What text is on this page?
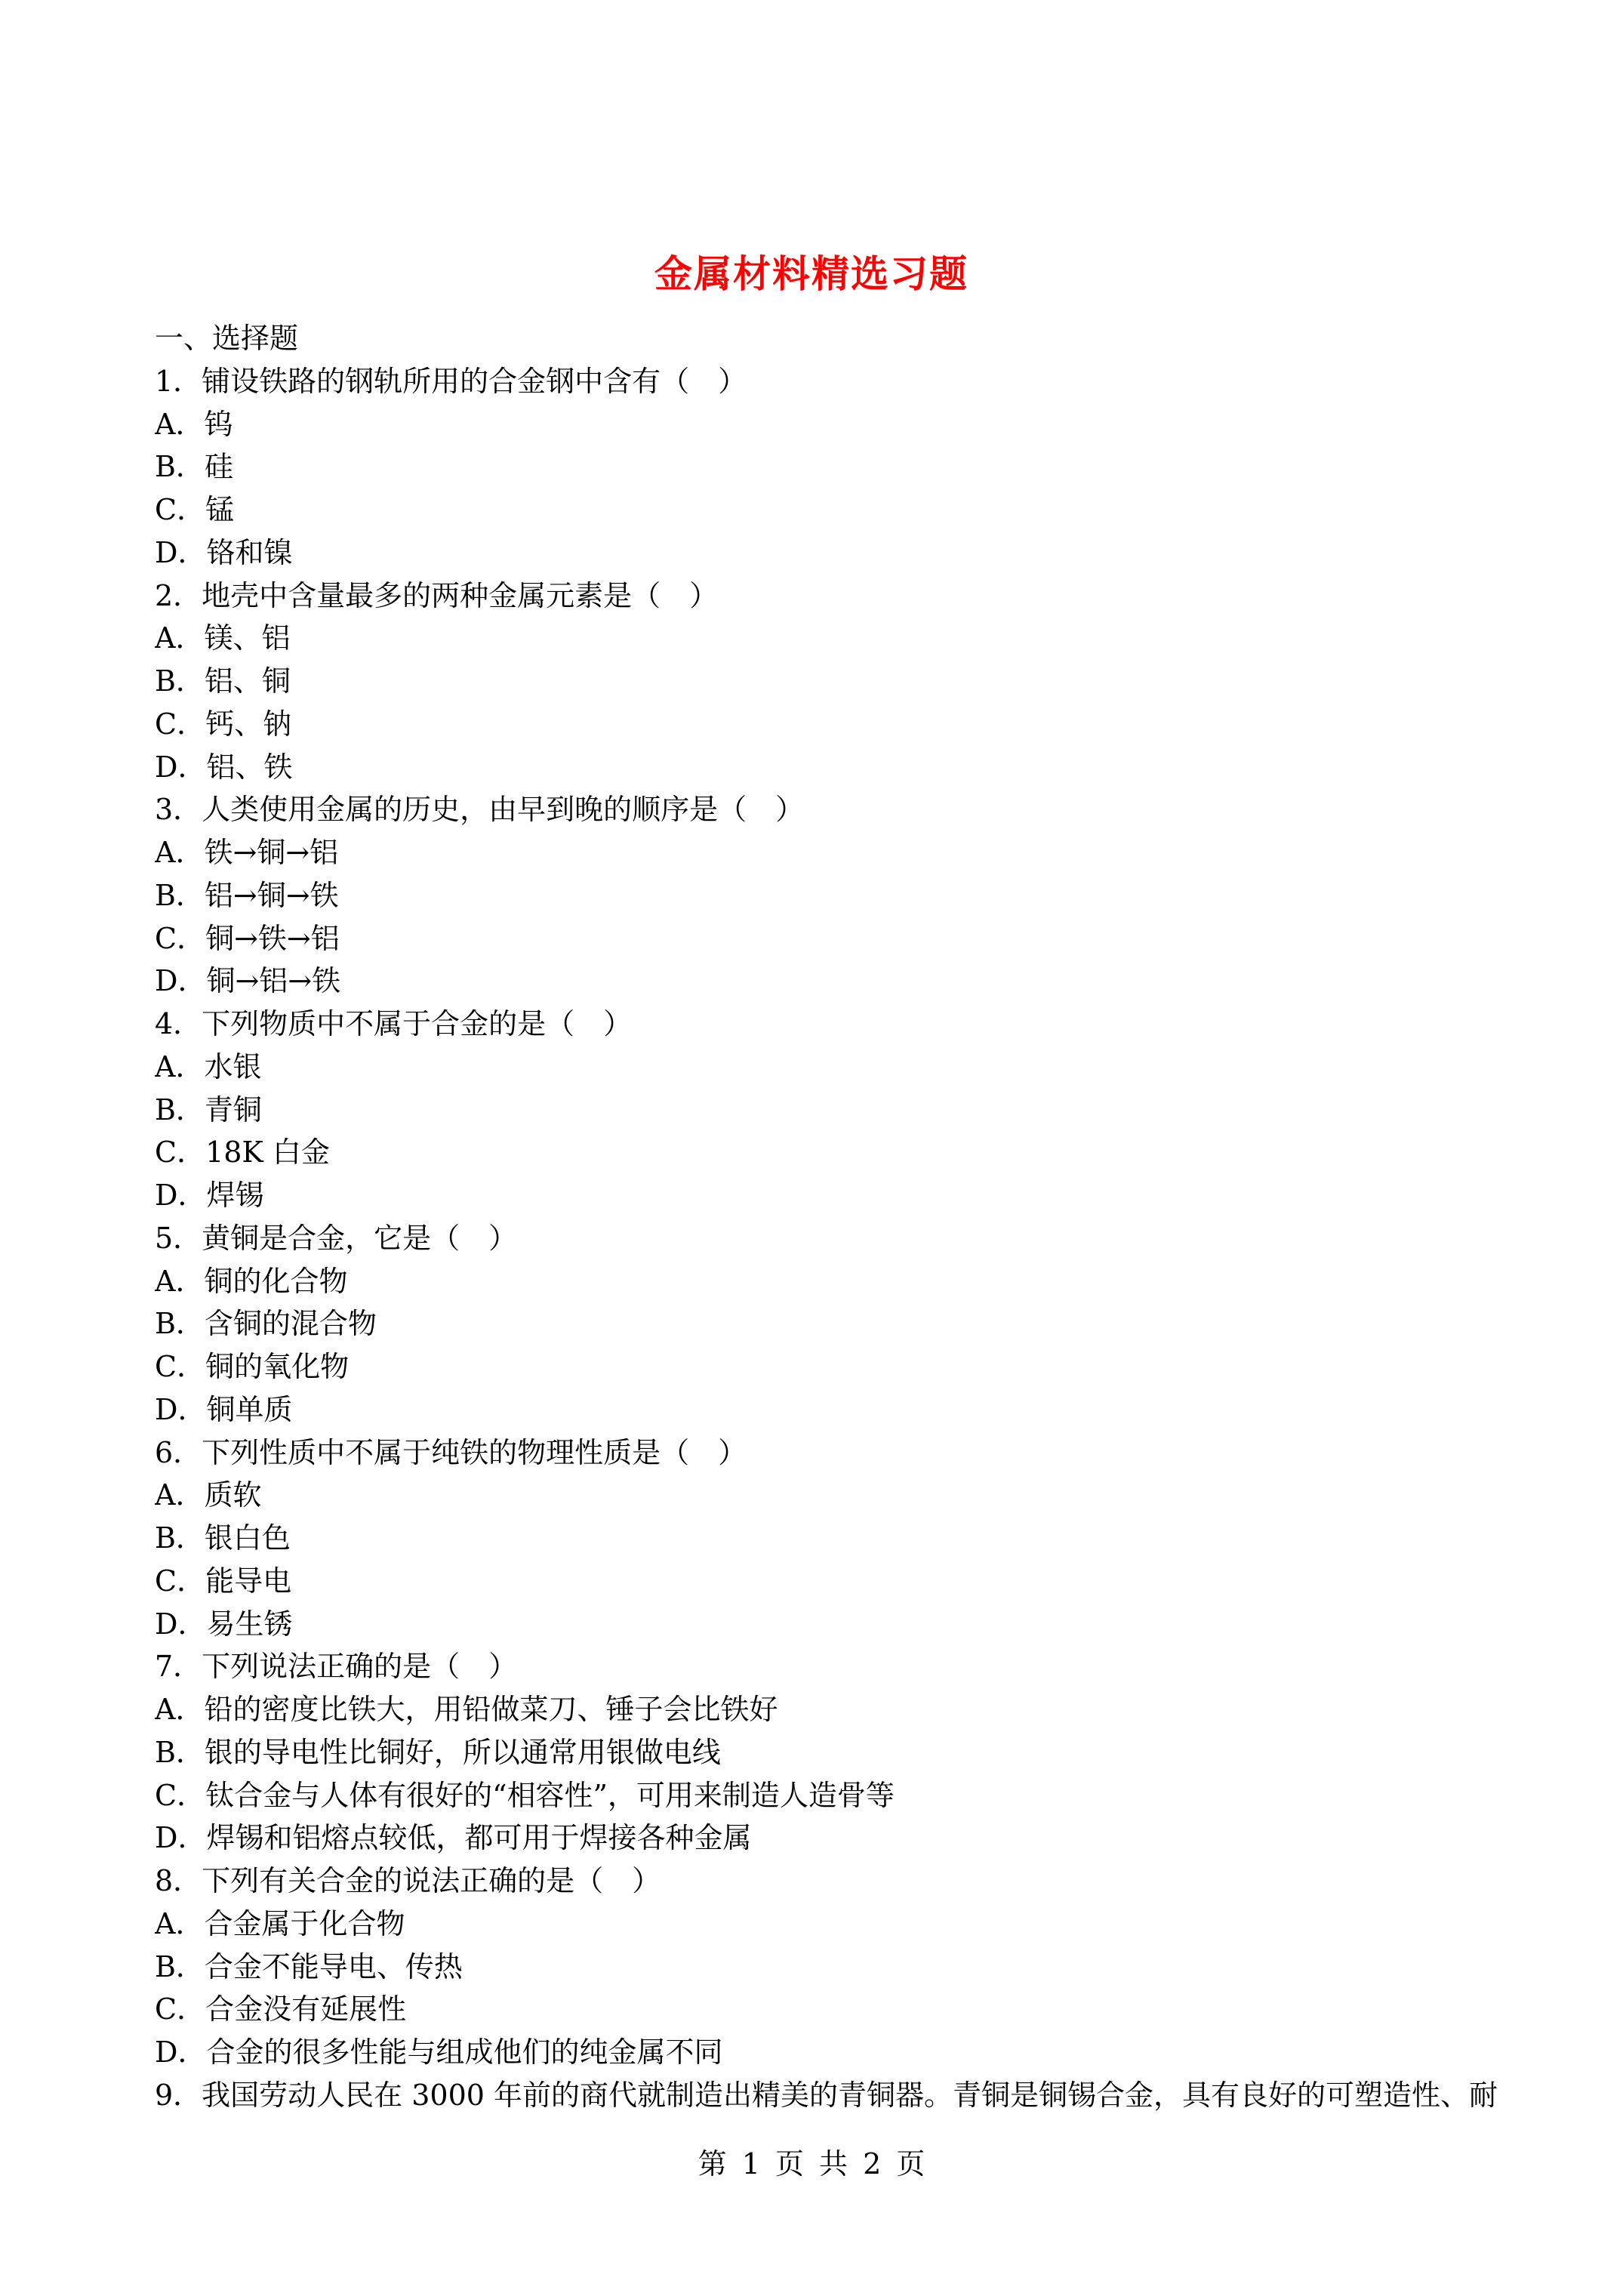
金属材料精选习题
一、选择题
1．铺设铁路的钢轨所用的合金钢中含有（　）
A．钨
B．硅
C．锰
D．铬和镍
2．地壳中含量最多的两种金属元素是（　）
A．镁、铝
B．铝、铜
C．钙、钠
D．铝、铁
3．人类使用金属的历史，由早到晚的顺序是（　）
A．铁→铜→铝
B．铝→铜→铁
C．铜→铁→铝
D．铜→铝→铁
4．下列物质中不属于合金的是（　）
A．水银
B．青铜
C．18K 白金
D．焊锡
5．黄铜是合金，它是（　）
A．铜的化合物
B．含铜的混合物
C．铜的氧化物
D．铜单质
6．下列性质中不属于纯铁的物理性质是（　）
A．质软
B．银白色
C．能导电
D．易生锈
7．下列说法正确的是（　）
A．铅的密度比铁大，用铅做菜刀、锤子会比铁好
B．银的导电性比铜好，所以通常用银做电线
C．钛合金与人体有很好的“相容性”，可用来制造人造骨等
D．焊锡和铝熔点较低，都可用于焊接各种金属
8．下列有关合金的说法正确的是（　）
A．合金属于化合物
B．合金不能导电、传热
C．合金没有延展性
D．合金的很多性能与组成他们的纯金属不同
9．我国劳动人民在 3000 年前的商代就制造出精美的青铜器。青铜是铜锡合金，具有良好的可塑造性、耐
第 1 页 共 2 页
